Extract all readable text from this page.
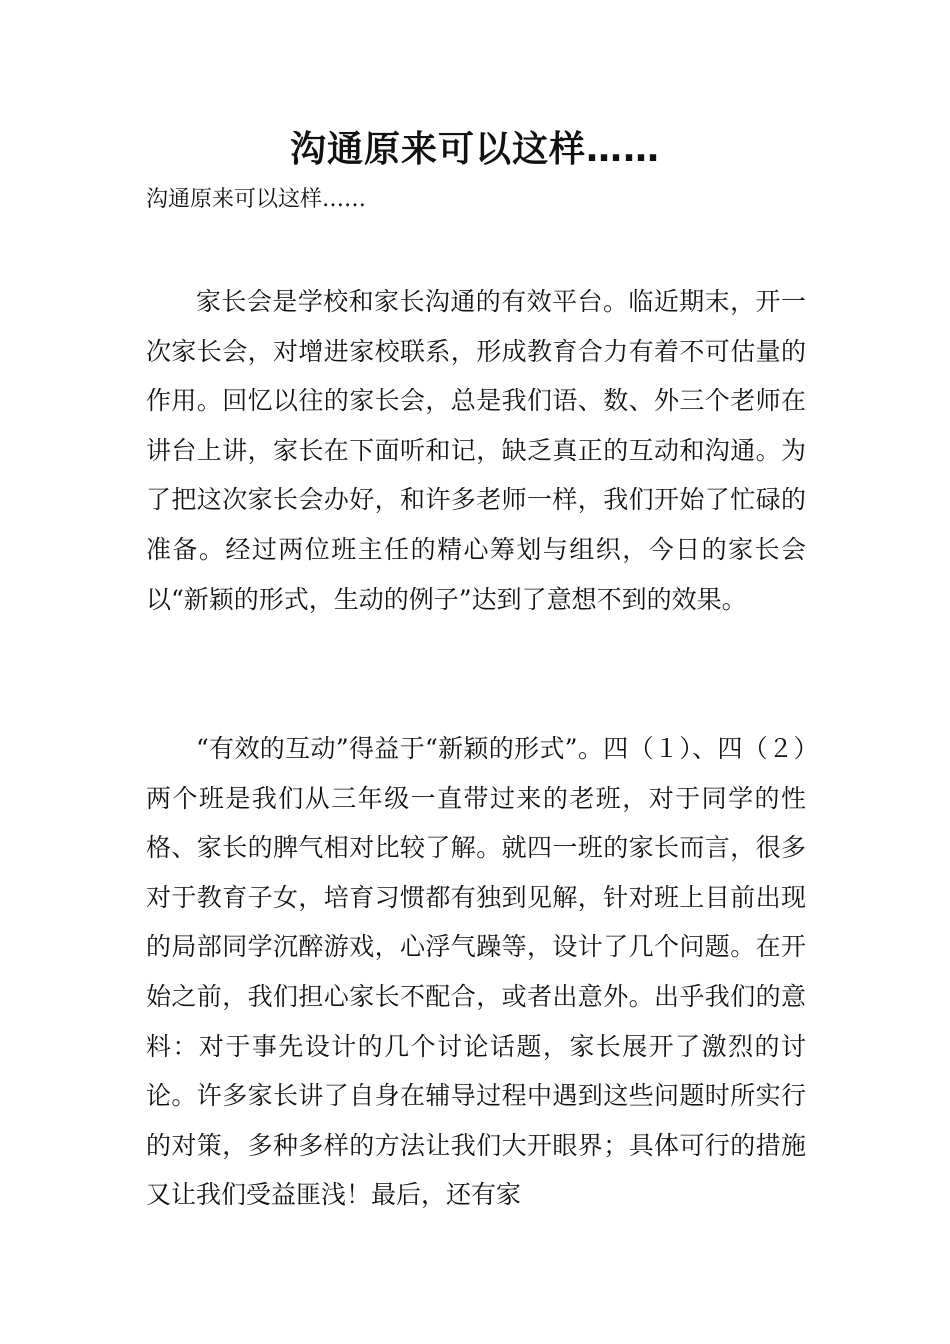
沟通原来可以这样……

沟通原来可以这样……

家长会是学校和家长沟通的有效平台。临近期末，开一次家长会，对增进家校联系，形成教育合力有着不可估量的作用。回忆以往的家长会，总是我们语、数、外三个老师在讲台上讲，家长在下面听和记，缺乏真正的互动和沟通。为了把这次家长会办好，和许多老师一样，我们开始了忙碌的准备。经过两位班主任的精心筹划与组织，今日的家长会以“新颖的形式，生动的例子”达到了意想不到的效果。

“有效的互动”得益于“新颖的形式”。四（１）、四（２）两个班是我们从三年级一直带过来的老班，对于同学的性格、家长的脾气相对比较了解。就四一班的家长而言，很多对于教育子女，培育习惯都有独到见解，针对班上目前出现的局部同学沉醉游戏，心浮气躁等，设计了几个问题。在开始之前，我们担心家长不配合，或者出意外。出乎我们的意料：对于事先设计的几个讨论话题，家长展开了激烈的讨论。许多家长讲了自身在辅导过程中遇到这些问题时所实行的对策，多种多样的方法让我们大开眼界；具体可行的措施又让我们受益匪浅！最后，还有家
